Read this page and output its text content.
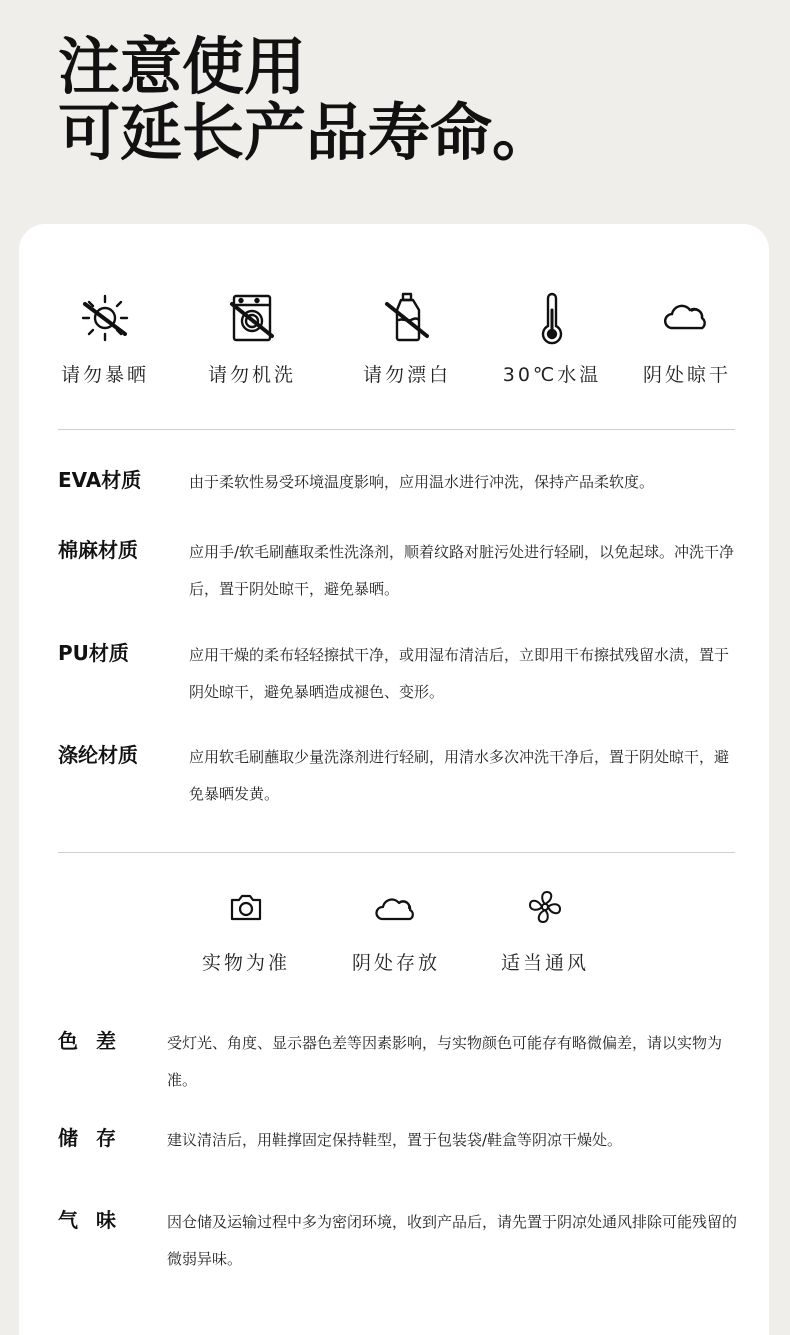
注意使用
可延长产品寿命。
请勿暴晒	请勿机洗	请勿漂白	30℃水温	阴处晾干
EVA材质	由于柔软性易受环境温度影响，应用温水进行冲洗，保持产品柔软度。
棉麻材质	应用手/软毛刷蘸取柔性洗涤剂，顺着纹路对脏污处进行轻刷，以免起球。冲洗干净后，置于阴处晾干，避免暴晒。
PU材质	应用干燥的柔布轻轻擦拭干净，或用湿布清洁后，立即用干布擦拭残留水渍，置于阴处晾干，避免暴晒造成褪色、变形。
涤纶材质	应用软毛刷蘸取少量洗涤剂进行轻刷，用清水多次冲洗干净后，置于阴处晾干，避免暴晒发黄。
实物为准	阴处存放	适当通风
色差 受灯光、角度、显示器色差等因素影响，与实物颜色可能存有略微偏差，请以实物为准。
储存 建议清洁后，用鞋撑固定保持鞋型，置于包装袋/鞋盒等阴凉干燥处。
气味 因仓储及运输过程中多为密闭环境，收到产品后，请先置于阴凉处通风排除可能残留的微弱异味。
